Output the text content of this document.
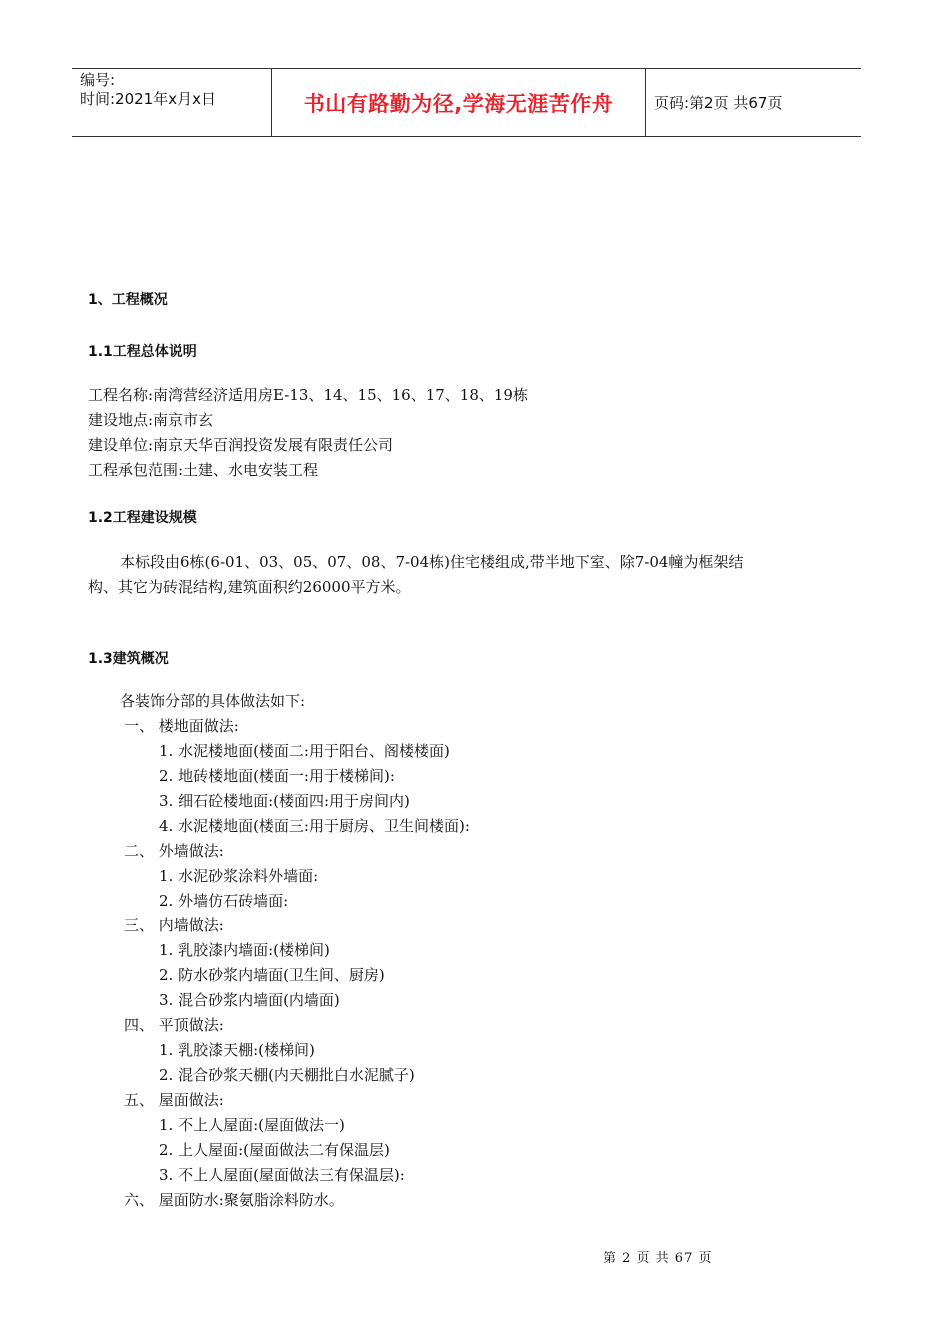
编号:
时间:2021年x月x日	书山有路勤为径,学海无涯苦作舟	页码:第2页 共67页
1、工程概况
1.1工程总体说明
工程名称:南湾营经济适用房E-13、14、15、16、17、18、19栋
建设地点:南京市玄
建设单位:南京天华百润投资发展有限责任公司
工程承包范围:土建、水电安装工程
1.2工程建设规模
本标段由6栋(6-01、03、05、07、08、7-04栋)住宅楼组成,带半地下室、除7-04幢为框架结
构、其它为砖混结构,建筑面积约26000平方米。
1.3建筑概况
各装饰分部的具体做法如下:
一、 楼地面做法:
1. 水泥楼地面(楼面二:用于阳台、阁楼楼面)
2. 地砖楼地面(楼面一:用于楼梯间):
3. 细石砼楼地面:(楼面四:用于房间内)
4. 水泥楼地面(楼面三:用于厨房、卫生间楼面):
二、 外墙做法:
1. 水泥砂浆涂料外墙面:
2. 外墙仿石砖墙面:
三、 内墙做法:
1. 乳胶漆内墙面:(楼梯间)
2. 防水砂浆内墙面(卫生间、厨房)
3. 混合砂浆内墙面(内墙面)
四、 平顶做法:
1. 乳胶漆天棚:(楼梯间)
2. 混合砂浆天棚(内天棚批白水泥腻子)
五、 屋面做法:
1. 不上人屋面:(屋面做法一)
2. 上人屋面:(屋面做法二有保温层)
3. 不上人屋面(屋面做法三有保温层):
六、 屋面防水:聚氨脂涂料防水。
第 2 页 共 67 页
